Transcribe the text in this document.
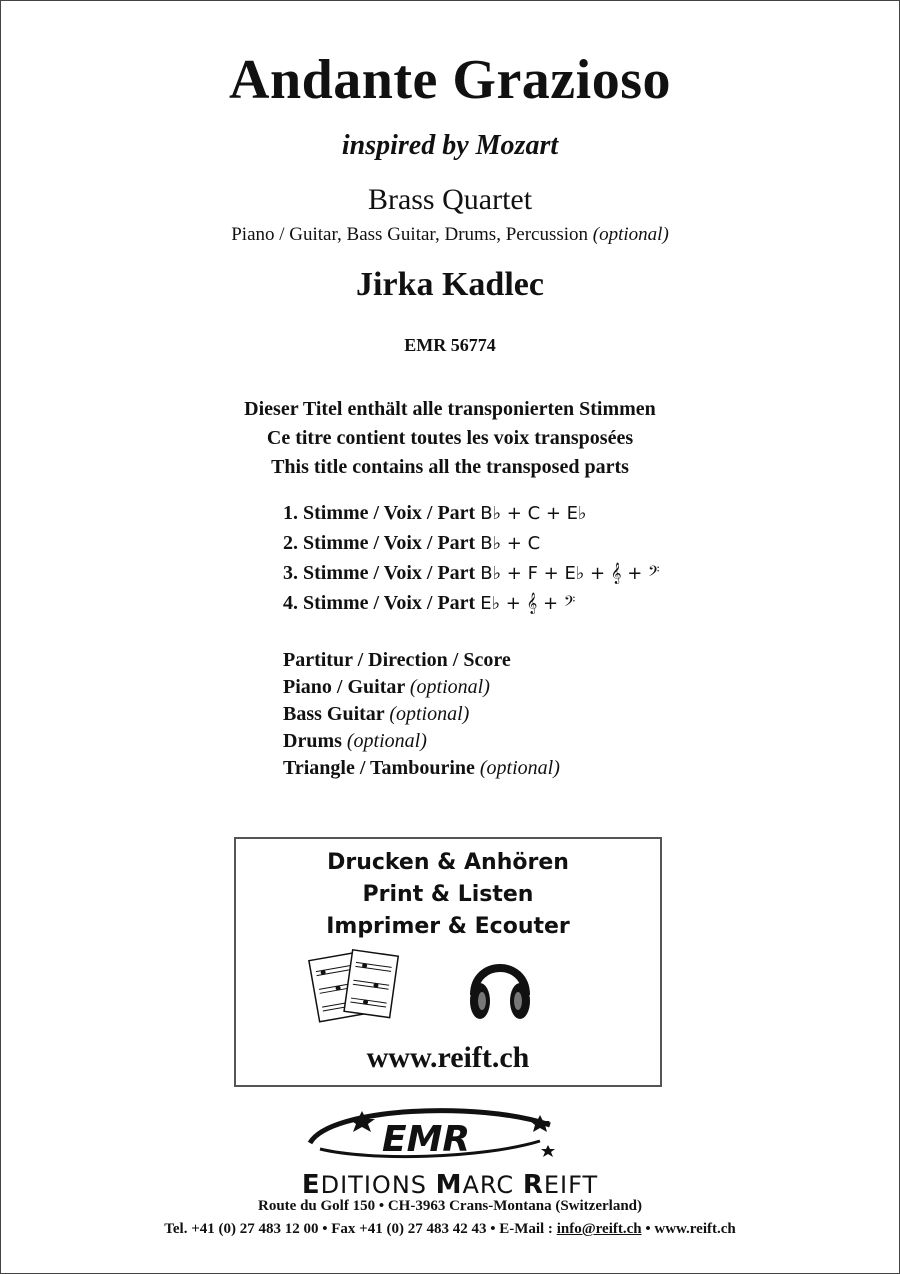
Andante Grazioso
inspired by Mozart
Brass Quartet
Piano / Guitar, Bass Guitar, Drums, Percussion (optional)
Jirka Kadlec
EMR 56774
Dieser Titel enthält alle transponierten Stimmen
Ce titre contient toutes les voix transposées
This title contains all the transposed parts
1. Stimme / Voix / Part B♭ + C + E♭
2. Stimme / Voix / Part B♭ + C
3. Stimme / Voix / Part B♭ + F + E♭ + 𝄞 + 𝄢
4. Stimme / Voix / Part E♭ + 𝄞 + 𝄢
Partitur / Direction / Score
Piano / Guitar (optional)
Bass Guitar (optional)
Drums (optional)
Triangle / Tambourine (optional)
Drucken & Anhören
Print & Listen
Imprimer & Ecouter
www.reift.ch
EMR
EDITIONS MARC REIFT
Route du Golf 150 • CH-3963 Crans-Montana (Switzerland)
Tel. +41 (0) 27 483 12 00 • Fax +41 (0) 27 483 42 43 • E-Mail : info@reift.ch • www.reift.ch
